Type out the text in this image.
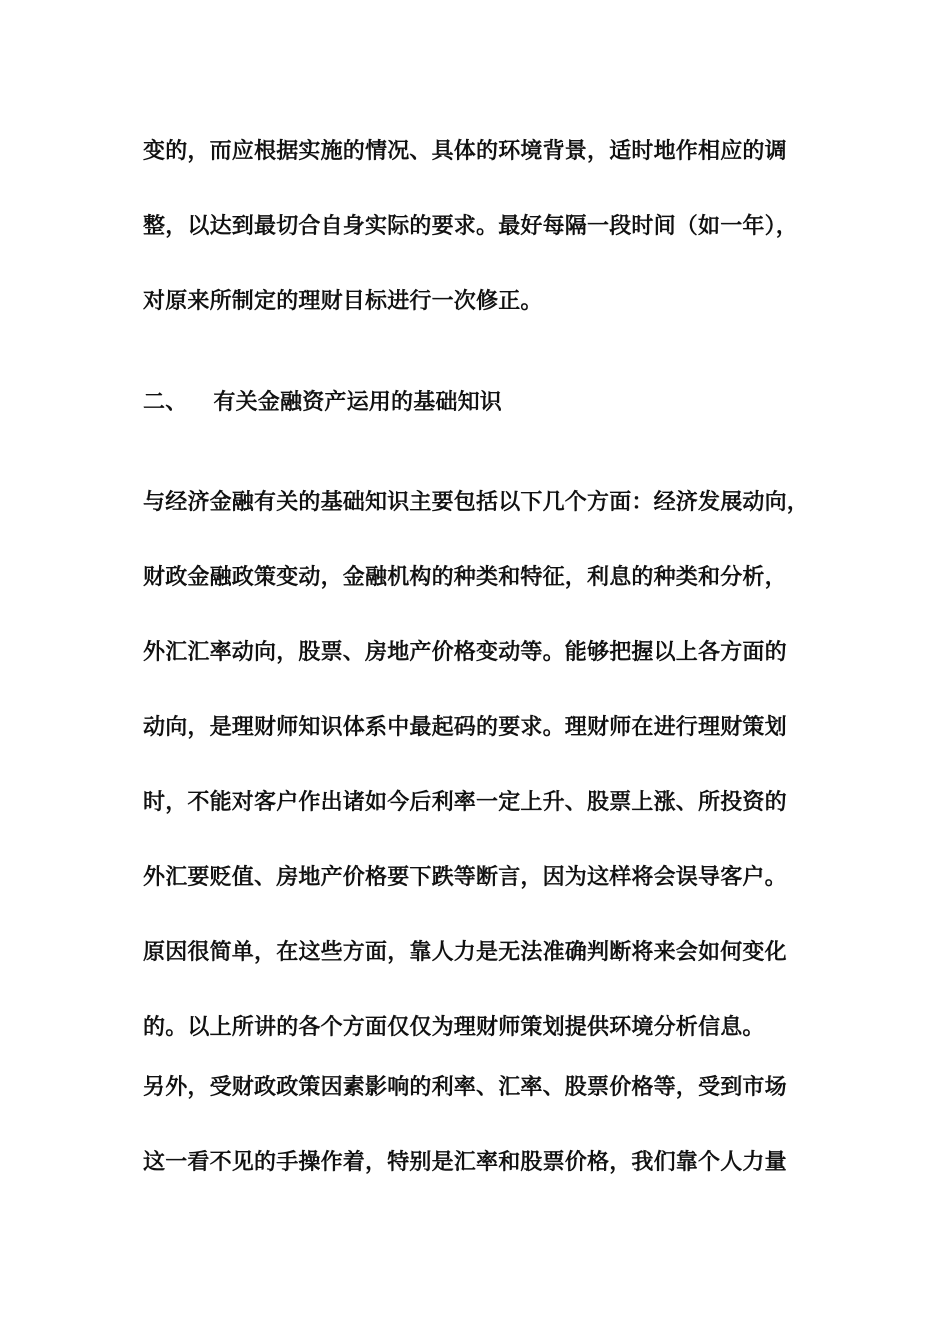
变的，而应根据实施的情况、具体的环境背景，适时地作相应的调
整，以达到最切合自身实际的要求。最好每隔一段时间（如一年），
对原来所制定的理财目标进行一次修正。
二、 有关金融资产运用的基础知识
与经济金融有关的基础知识主要包括以下几个方面：经济发展动向，
财政金融政策变动，金融机构的种类和特征，利息的种类和分析，
外汇汇率动向，股票、房地产价格变动等。能够把握以上各方面的
动向，是理财师知识体系中最起码的要求。理财师在进行理财策划
时，不能对客户作出诸如今后利率一定上升、股票上涨、所投资的
外汇要贬值、房地产价格要下跌等断言，因为这样将会误导客户。
原因很简单，在这些方面，靠人力是无法准确判断将来会如何变化
的。以上所讲的各个方面仅仅为理财师策划提供环境分析信息。
另外，受财政政策因素影响的利率、汇率、股票价格等，受到市场
这一看不见的手操作着，特别是汇率和股票价格，我们靠个人力量
